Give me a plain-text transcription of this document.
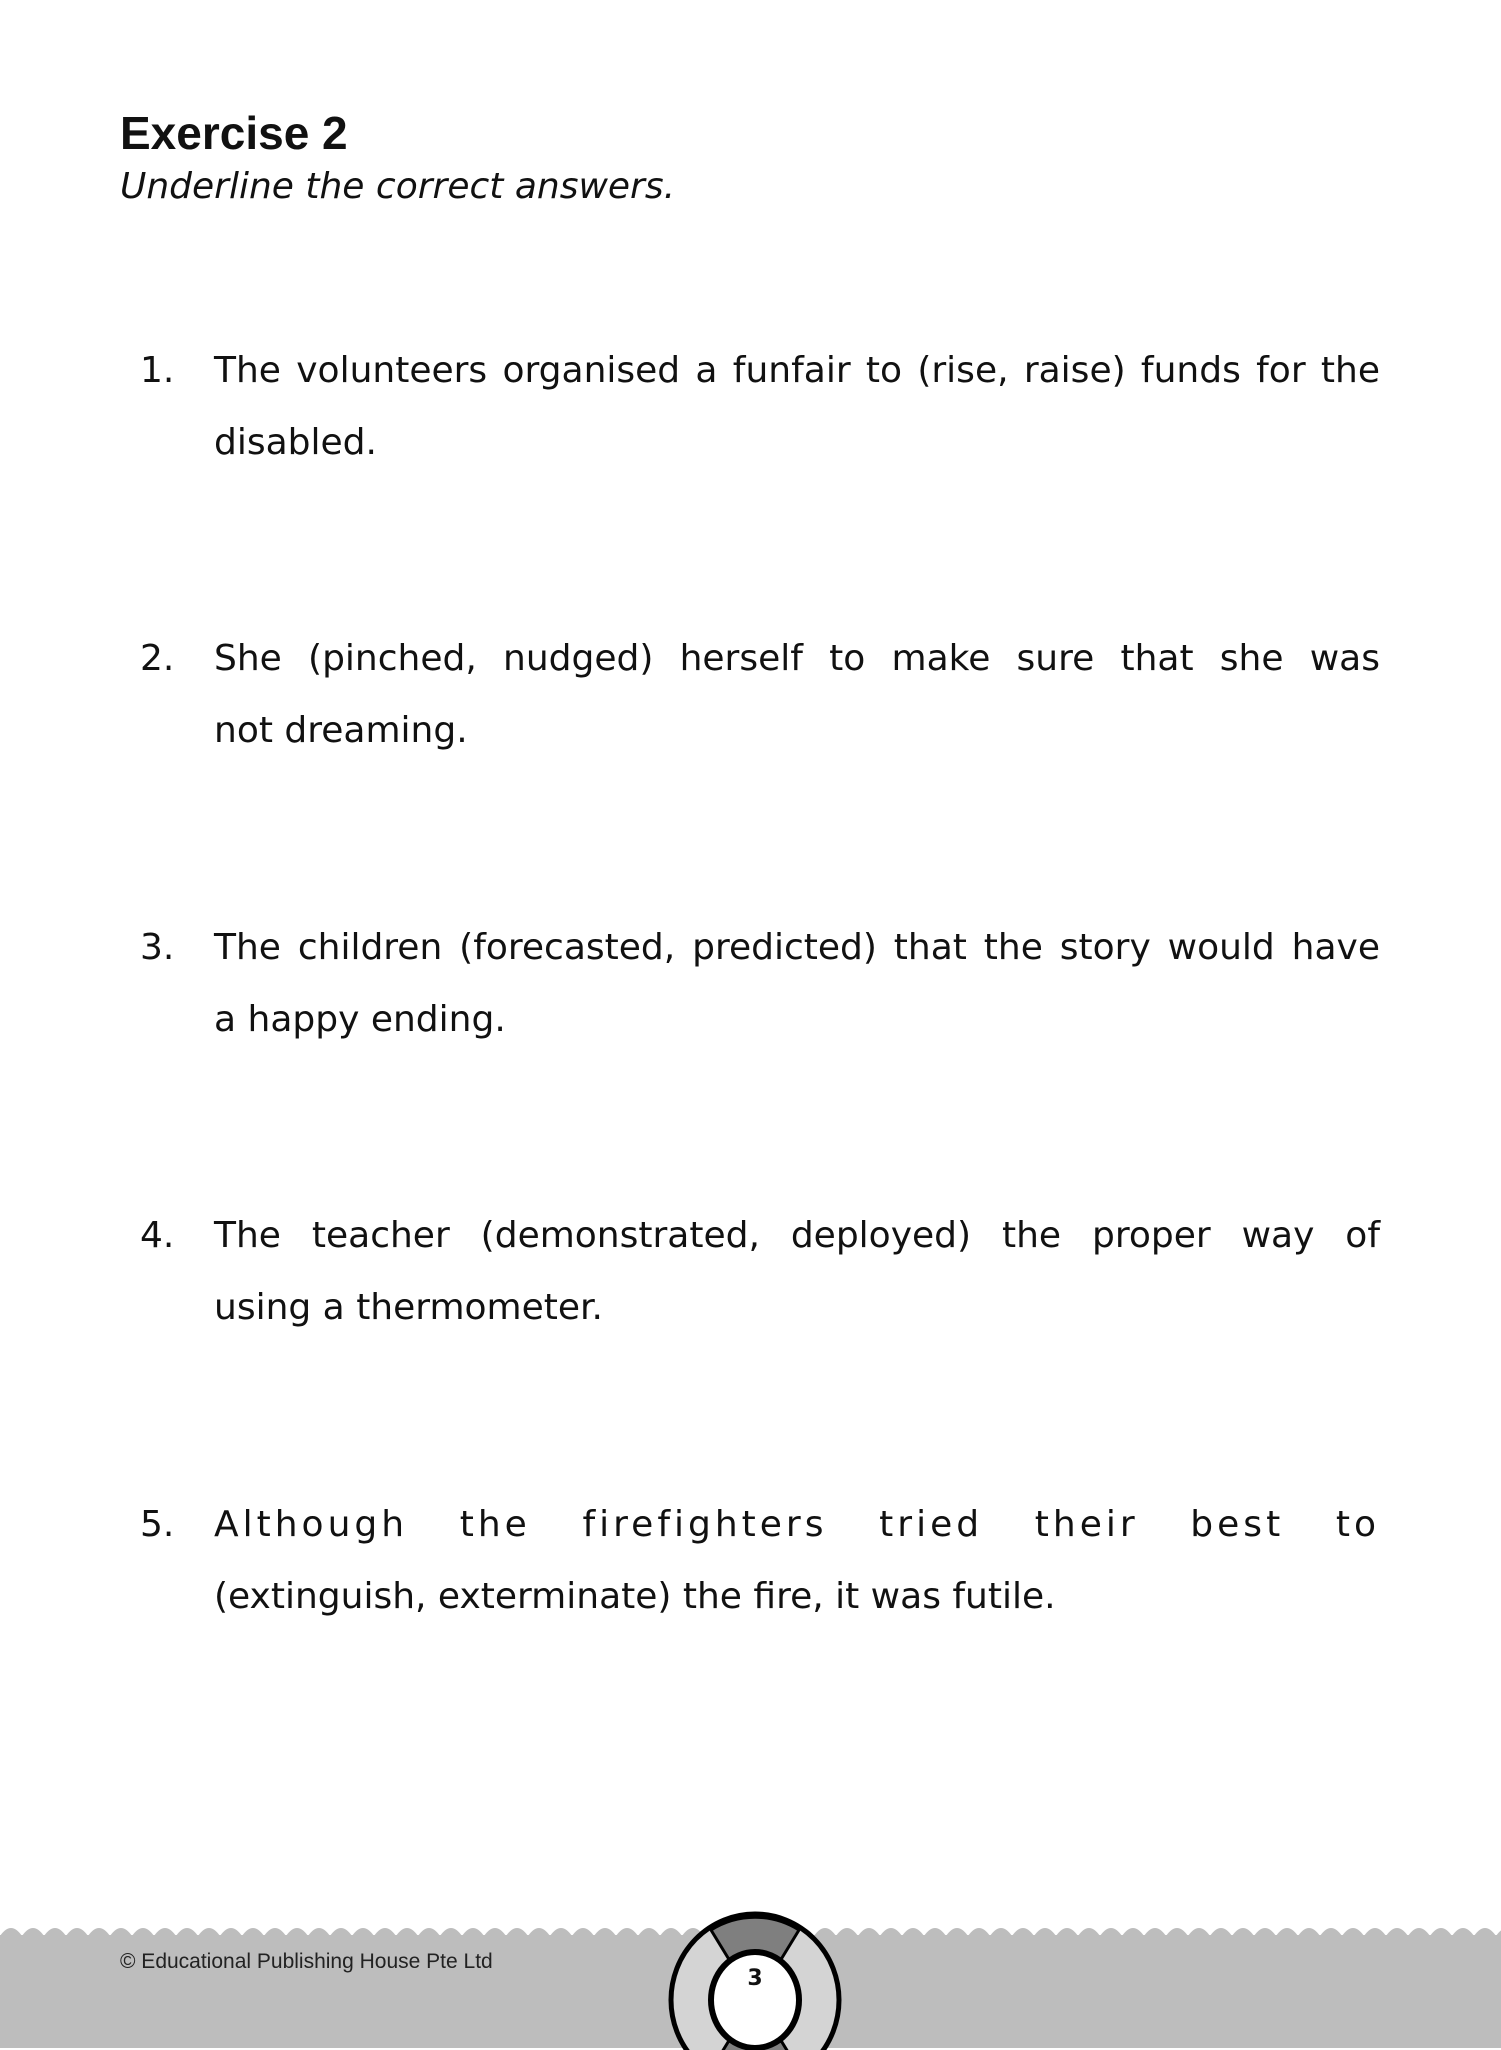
Exercise 2
Underline the correct answers.
1. The volunteers organised a funfair to (rise, raise) funds for the
disabled.
2. She (pinched, nudged) herself to make sure that she was
not dreaming.
3. The children (forecasted, predicted) that the story would have
a happy ending.
4. The teacher (demonstrated, deployed) the proper way of
using a thermometer.
5. Although the firefighters tried their best to
(extinguish, exterminate) the fire, it was futile.
© Educational Publishing House Pte Ltd
3
